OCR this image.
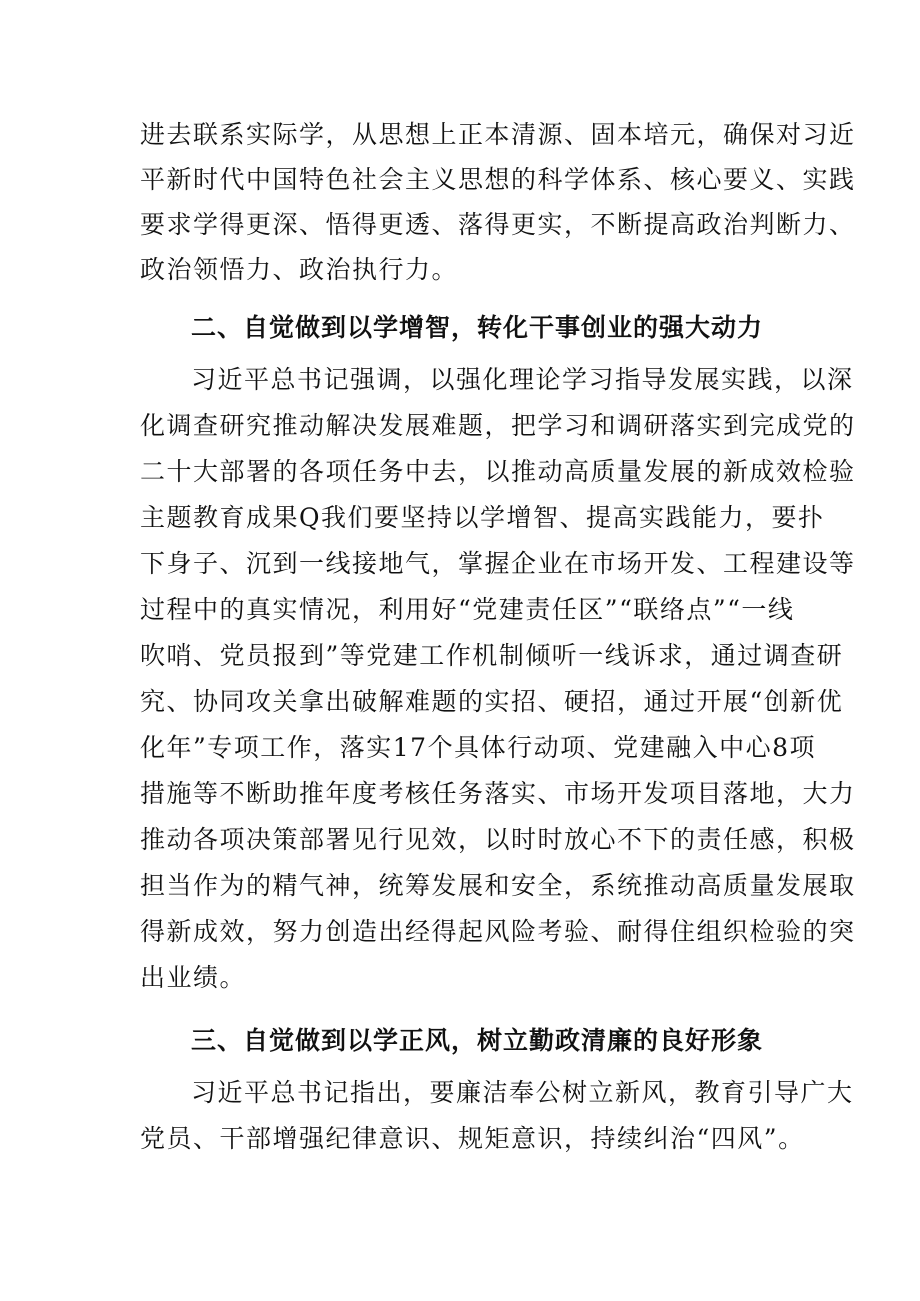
进去联系实际学，从思想上正本清源、固本培元，确保对习近
平新时代中国特色社会主义思想的科学体系、核心要义、实践
要求学得更深、悟得更透、落得更实，不断提高政治判断力、
政治领悟力、政治执行力。
二、自觉做到以学增智，转化干事创业的强大动力
习近平总书记强调，以强化理论学习指导发展实践，以深
化调查研究推动解决发展难题，把学习和调研落实到完成党的
二十大部署的各项任务中去，以推动高质量发展的新成效检验
主题教育成果Q我们要坚持以学增智、提高实践能力，要扑
下身子、沉到一线接地气，掌握企业在市场开发、工程建设等
过程中的真实情况，利用好“党建责任区”“联络点”“一线
吹哨、党员报到”等党建工作机制倾听一线诉求，通过调查研
究、协同攻关拿出破解难题的实招、硬招，通过开展“创新优
化年”专项工作，落实17个具体行动项、党建融入中心8项
措施等不断助推年度考核任务落实、市场开发项目落地，大力
推动各项决策部署见行见效，以时时放心不下的责任感，积极
担当作为的精气神，统筹发展和安全，系统推动高质量发展取
得新成效，努力创造出经得起风险考验、耐得住组织检验的突
出业绩。
三、自觉做到以学正风，树立勤政清廉的良好形象
习近平总书记指出，要廉洁奉公树立新风，教育引导广大
党员、干部增强纪律意识、规矩意识，持续纠治“四风”。
